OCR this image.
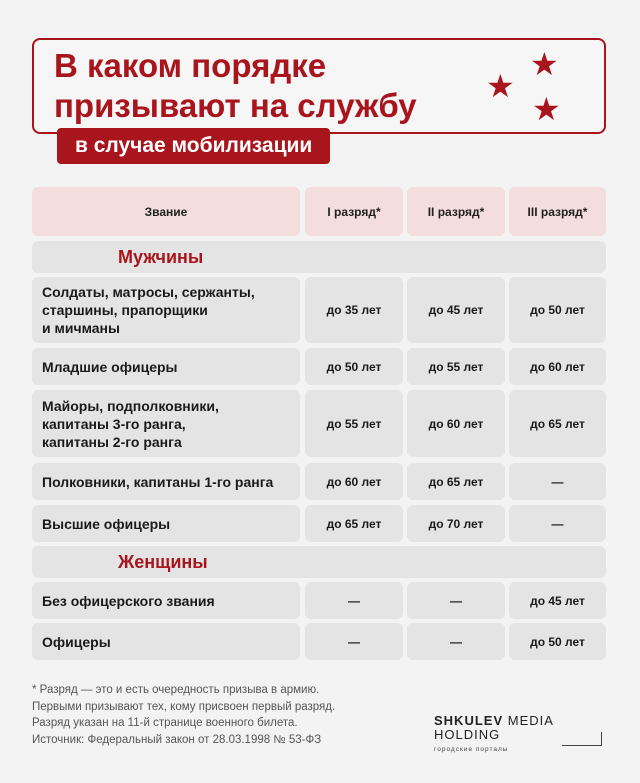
В каком порядке
призывают на службу
в случае мобилизации
★
★
★
Звание	I разряд*	II разряд*	III разряд*
Мужчины
Солдаты, матросы, сержанты,
старшины, прапорщики
и мичманы
до 35 лет	до 45 лет	до 50 лет
Младшие офицеры	до 50 лет	до 55 лет	до 60 лет
Майоры, подполковники,
капитаны 3-го ранга,
капитаны 2-го ранга
до 55 лет	до 60 лет	до 65 лет
Полковники, капитаны 1-го ранга	до 60 лет	до 65 лет	—
Высшие офицеры	до 65 лет	до 70 лет	—
Женщины
Без офицерского звания	—	—	до 45 лет
Офицеры	—	—	до 50 лет
* Разряд — это и есть очередность призыва в армию.
Первыми призывают тех, кому присвоен первый разряд.
Разряд указан на 11-й странице военного билета.
Источник: Федеральный закон от 28.03.1998 № 53-ФЗ
SHKULEV MEDIA HOLDING
городские порталы
